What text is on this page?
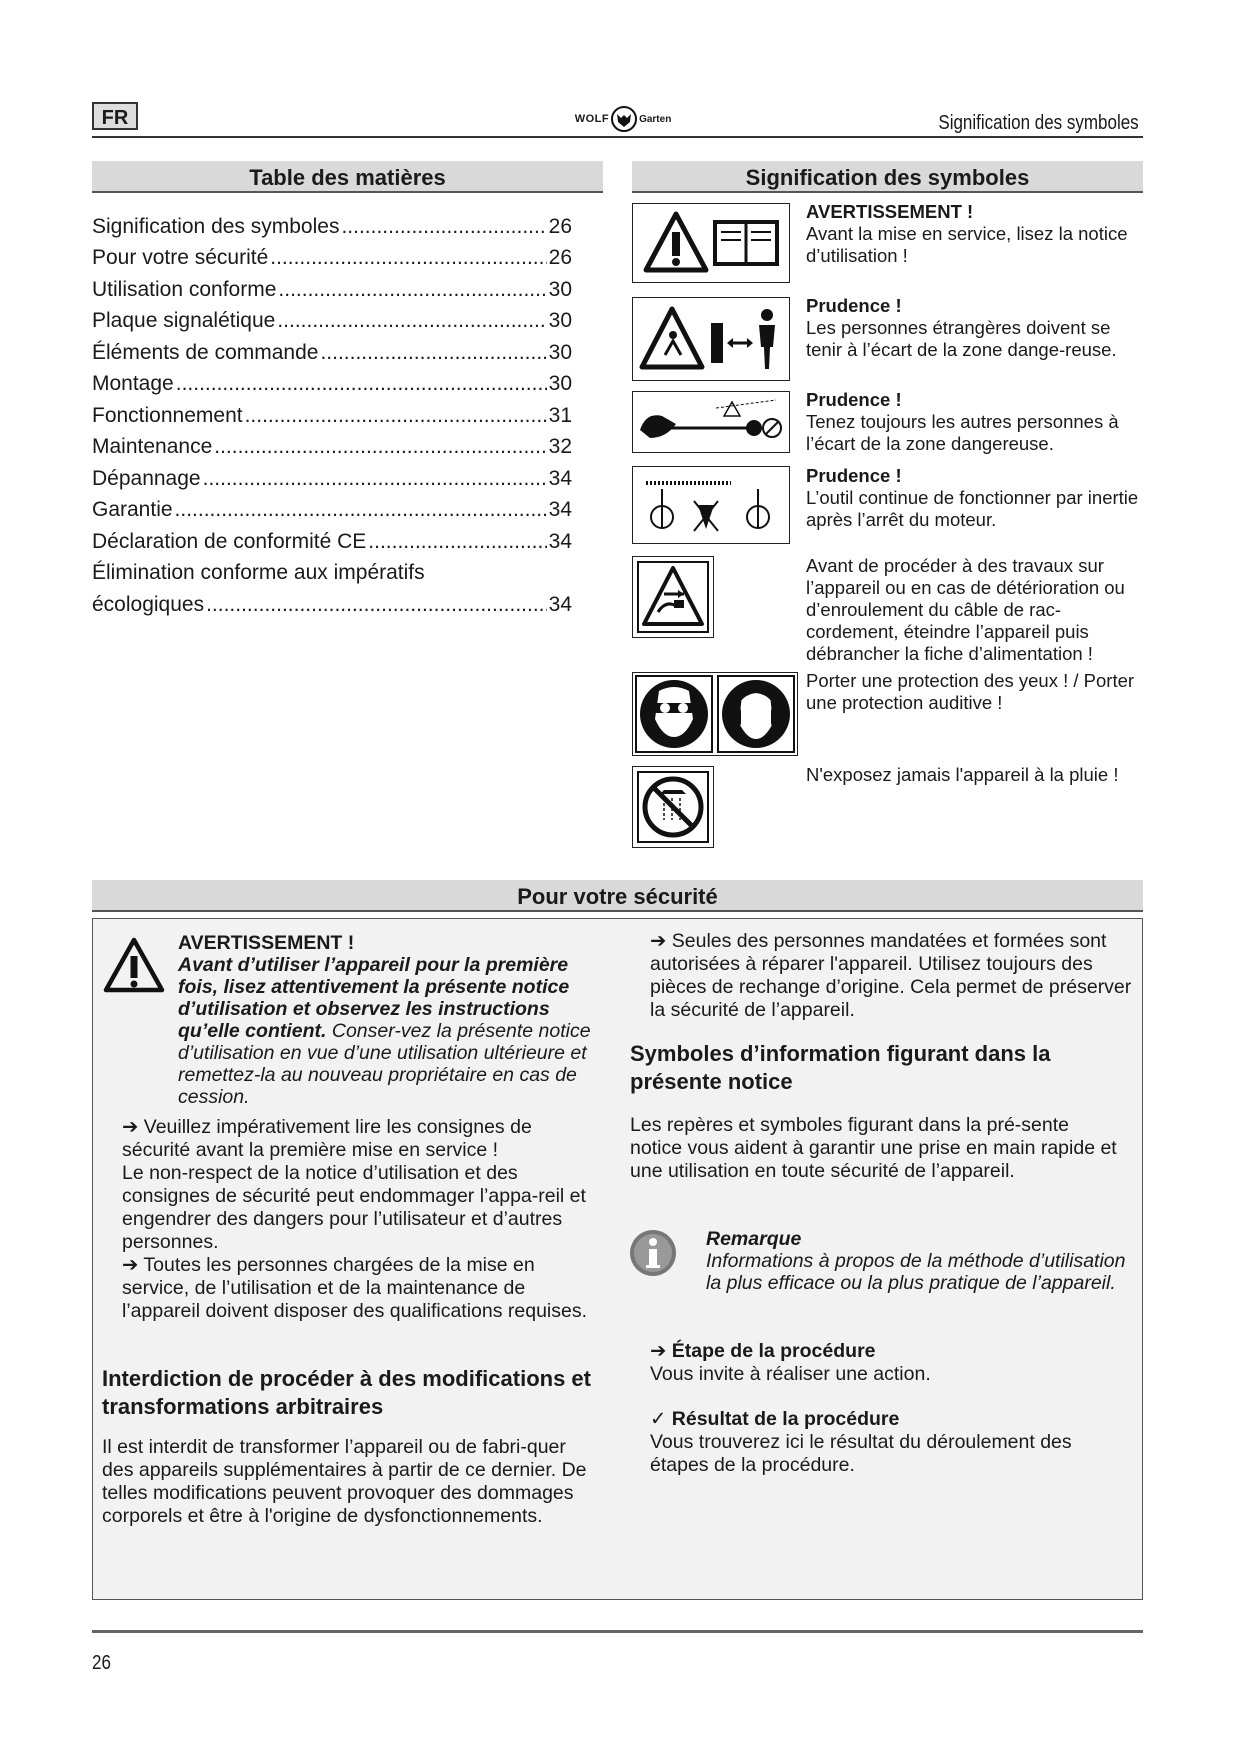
FR	WOLF	Garten	Signification des symboles
Table des matières
Signification des symboles .....	26
Pour votre sécurité .....	26
Utilisation conforme .....	30
Plaque signalétique .....	30
Éléments de commande .....	30
Montage .....	30
Fonctionnement .....	31
Maintenance .....	32
Dépannage .....	34
Garantie .....	34
Déclaration de conformité CE .....	34
Élimination conforme aux impératifs
écologiques .....	34
Signification des symboles
AVERTISSEMENT !
Avant la mise en service, lisez la notice d’utilisation !
Prudence !
Les personnes étrangères doivent se tenir à l’écart de la zone dange-reuse.
Prudence !
Tenez toujours les autres personnes à l’écart de la zone dangereuse.
Prudence !
L’outil continue de fonctionner par inertie après l’arrêt du moteur.
Avant de procéder à des travaux sur l’appareil ou en cas de détérioration ou d’enroulement du câble de rac-cordement, éteindre l’appareil puis débrancher la fiche d’alimentation !
Porter une protection des yeux ! / Porter une protection auditive !
N'exposez jamais l'appareil à la pluie !
Pour votre sécurité
AVERTISSEMENT !
Avant d’utiliser l’appareil pour la première fois, lisez attentivement la présente notice d’utilisation et observez les instructions qu’elle contient. Conser-vez la présente notice d’utilisation en vue d’une utilisation ultérieure et remettez-la au nouveau propriétaire en cas de cession.
➔ Veuillez impérativement lire les consignes de sécurité avant la première mise en service !
Le non-respect de la notice d’utilisation et des consignes de sécurité peut endommager l’appa-reil et engendrer des dangers pour l’utilisateur et d’autres personnes.
➔ Toutes les personnes chargées de la mise en service, de l’utilisation et de la maintenance de l’appareil doivent disposer des qualifications requises.
Interdiction de procéder à des modifications et transformations arbitraires
Il est interdit de transformer l’appareil ou de fabri-quer des appareils supplémentaires à partir de ce dernier. De telles modifications peuvent provoquer des dommages corporels et être à l'origine de dysfonctionnements.
➔ Seules des personnes mandatées et formées sont autorisées à réparer l'appareil. Utilisez toujours des pièces de rechange d’origine. Cela permet de préserver la sécurité de l’appareil.
Symboles d’information figurant dans la présente notice
Les repères et symboles figurant dans la pré-sente notice vous aident à garantir une prise en main rapide et une utilisation en toute sécurité de l’appareil.
Remarque
Informations à propos de la méthode d’utilisation la plus efficace ou la plus pratique de l’appareil.
➔ Étape de la procédure
Vous invite à réaliser une action.
✓ Résultat de la procédure
Vous trouverez ici le résultat du déroulement des étapes de la procédure.
26
